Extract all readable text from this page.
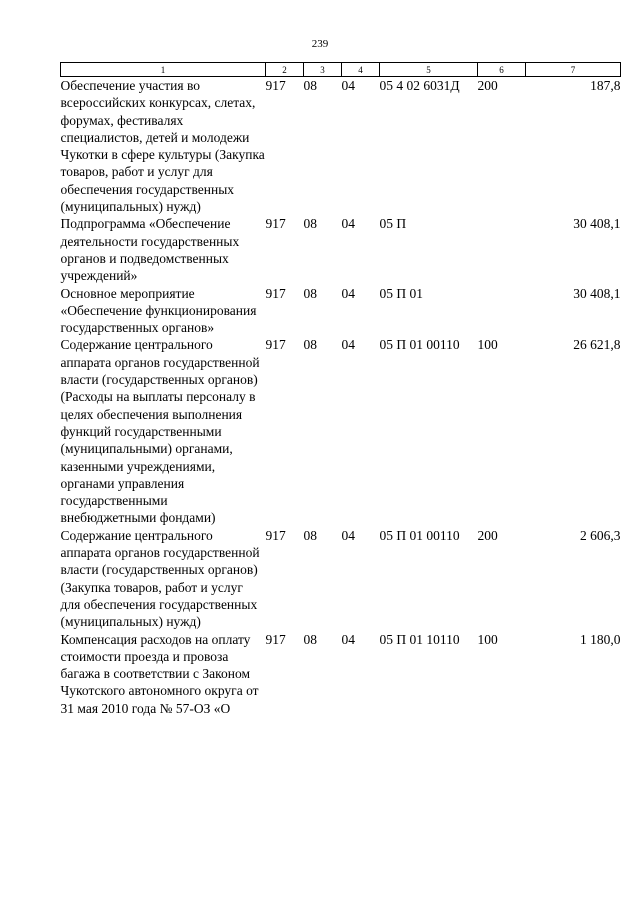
239
1	2	3	4	5	6	7
Обеспечение участия во всероссийских конкурсах, слетах, форумах, фестивалях специалистов, детей и молодежи Чукотки в сфере культуры (Закупка товаров, работ и услуг для обеспечения государственных (муниципальных) нужд)	917	08	04	05 4 02 6031Д	200	187,8
Подпрограмма «Обеспечение деятельности государственных органов и подведомственных учреждений»	917	08	04	05 П		30 408,1
Основное мероприятие «Обеспечение функционирования государственных органов»	917	08	04	05 П 01		30 408,1
Содержание центрального аппарата органов государственной власти (государственных органов) (Расходы на выплаты персоналу в целях обеспечения выполнения функций государственными (муниципальными) органами, казенными учреждениями, органами управления государственными внебюджетными фондами)	917	08	04	05 П 01 00110	100	26 621,8
Содержание центрального аппарата органов государственной власти (государственных органов) (Закупка товаров, работ и услуг для обеспечения государственных (муниципальных) нужд)	917	08	04	05 П 01 00110	200	2 606,3
Компенсация расходов на оплату стоимости проезда и провоза багажа в соответствии с Законом Чукотского автономного округа от 31 мая 2010 года № 57-ОЗ «О	917	08	04	05 П 01 10110	100	1 180,0
